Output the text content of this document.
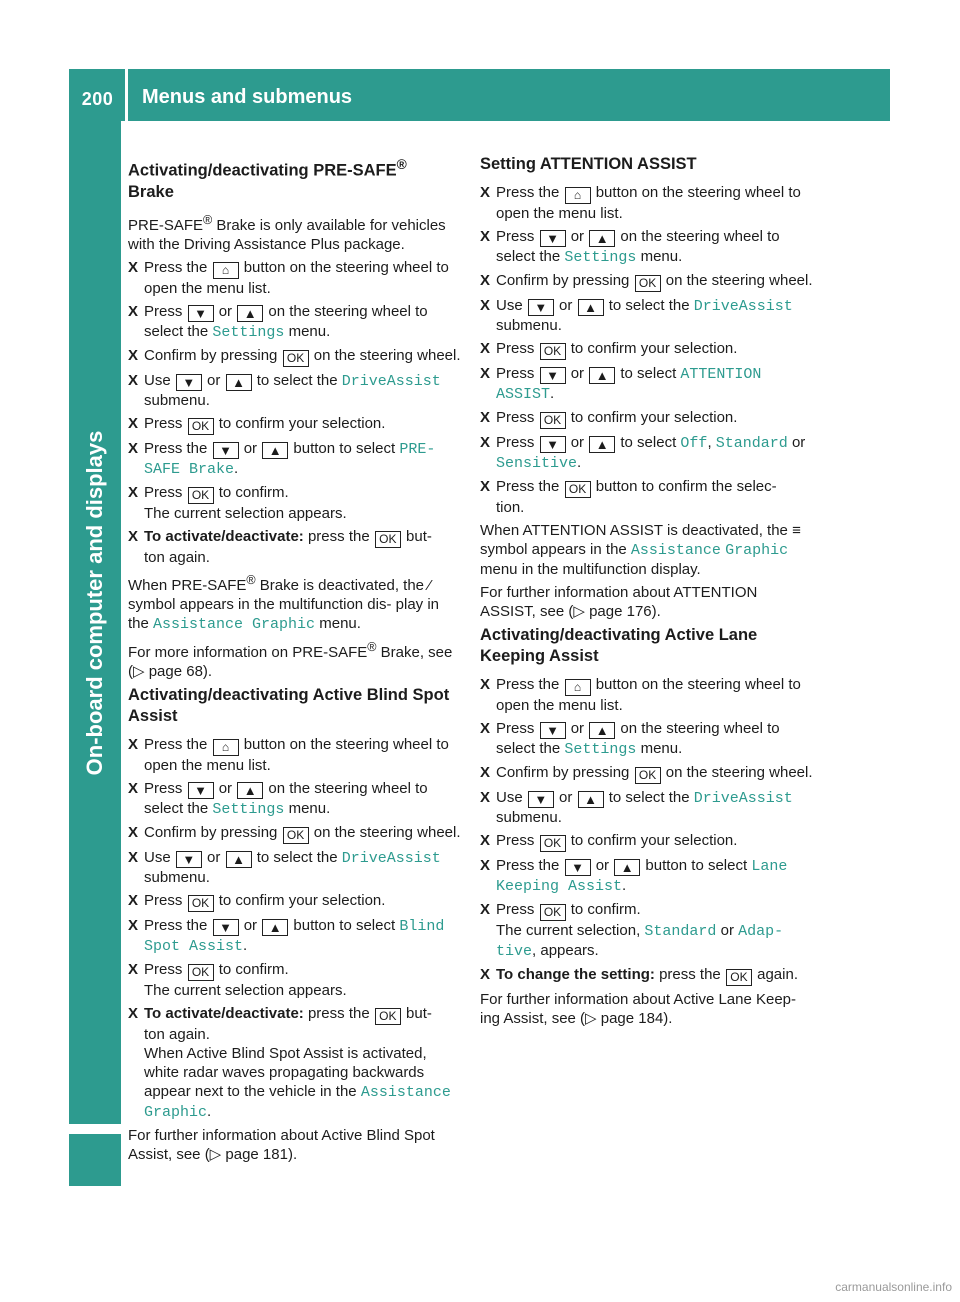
200	Menus and submenus
On-board computer and displays
Activating/deactivating PRE-SAFE®
Brake

PRE-SAFE® Brake is only available for vehicles with the Driving Assistance Plus package.

X Press the ⌂ button on the steering wheel to open the menu list.
X Press ▼ or ▲ on the steering wheel to select the Settings menu.
X Confirm by pressing OK on the steering wheel.
X Use ▼ or ▲ to select the DriveAssist submenu.
X Press OK to confirm your selection.
X Press the ▼ or ▲ button to select PRE- SAFE Brake.
X Press OK to confirm.
The current selection appears.
X To activate/deactivate: press the OK but-
ton again.

When PRE-SAFE® Brake is deactivated, the ⁄ symbol appears in the multifunction dis- play in the Assistance Graphic menu.

For more information on PRE-SAFE® Brake, see
(▷ page 68).

Activating/deactivating Active Blind Spot Assist
X Press the ⌂ button on the steering wheel to open the menu list.
X Press ▼ or ▲ on the steering wheel to select the Settings menu.
X Confirm by pressing OK on the steering wheel.
X Use ▼ or ▲ to select the DriveAssist submenu.
X Press OK to confirm your selection.
X Press the ▼ or ▲ button to select Blind Spot Assist.
X Press OK to confirm.
The current selection appears.
X To activate/deactivate: press the OK but-
ton again.
When Active Blind Spot Assist is activated, white radar waves propagating backwards appear next to the vehicle in the Assistance Graphic.

For further information about Active Blind Spot Assist, see (▷ page 181).

Setting ATTENTION ASSIST
X Press the ⌂ button on the steering wheel to open the menu list.
X Press ▼ or ▲ on the steering wheel to select the Settings menu.
X Confirm by pressing OK on the steering wheel.
X Use ▼ or ▲ to select the DriveAssist submenu.
X Press OK to confirm your selection.
X Press ▼ or ▲ to select ATTENTION ASSIST.
X Press OK to confirm your selection.
X Press ▼ or ▲ to select Off, Standard or Sensitive.
X Press the OK button to confirm the selec-
tion.

When ATTENTION ASSIST is deactivated, the ≡ symbol appears in the Assistance Graphic menu in the multifunction display.

For further information about ATTENTION ASSIST, see (▷ page 176).

Activating/deactivating Active Lane
Keeping Assist
X Press the ⌂ button on the steering wheel to open the menu list.
X Press ▼ or ▲ on the steering wheel to select the Settings menu.
X Confirm by pressing OK on the steering wheel.
X Use ▼ or ▲ to select the DriveAssist submenu.
X Press OK to confirm your selection.
X Press the ▼ or ▲ button to select Lane Keeping Assist.
X Press OK to confirm.
The current selection, Standard or Adap‐tive, appears.
X To change the setting: press the OK again.

For further information about Active Lane Keep- ing Assist, see (▷ page 184).

carmanualsonline.info
